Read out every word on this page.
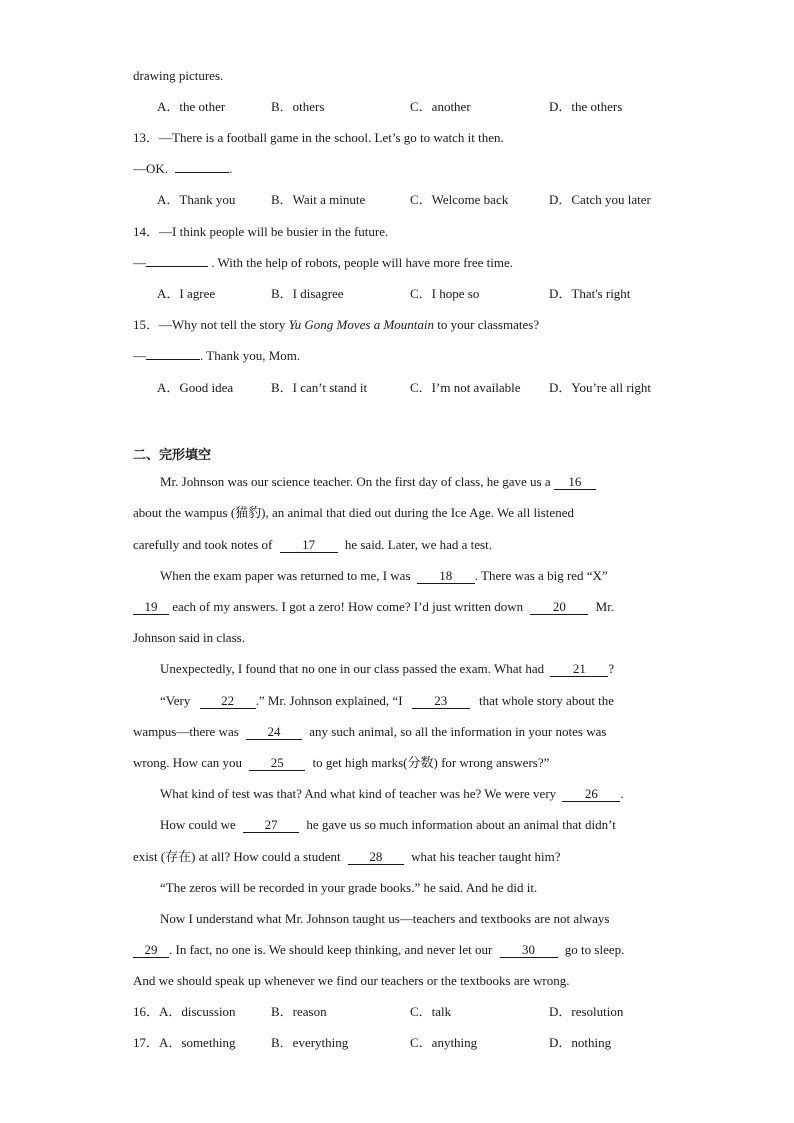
drawing pictures.
A．the other	B．others	C．another	D．the others
13．—There is a football game in the school. Let’s go to watch it then.
—OK.	.
A．Thank you	B．Wait a minute	C．Welcome back	D．Catch you later
14．—I think people will be busier in the future.
—	. With the help of robots, people will have more free time.
A．I agree	B．I disagree	C．I hope so	D．That's right
15．—Why not tell the story Yu Gong Moves a Mountain to your classmates?
—	. Thank you, Mom.
A．Good idea	B．I can’t stand it	C．I’m not available D．You’re all right
二、完形填空
Mr. Johnson was our science teacher. On the first day of class, he gave us a 16
about the wampus (猫豹), an animal that died out during the Ice Age. We all listened
carefully and took notes of 17 he said. Later, we had a test.
When the exam paper was returned to me, I was 18 . There was a big red “X”
19 each of my answers. I got a zero! How come? I’d just written down 20 Mr.
Johnson said in class.
Unexpectedly, I found that no one in our class passed the exam. What had 21 ?
“Very 22 .” Mr. Johnson explained, “I 23 that whole story about the
wampus—there was 24 any such animal, so all the information in your notes was
wrong. How can you 25 to get high marks(分数) for wrong answers?”
What kind of test was that? And what kind of teacher was he? We were very 26 .
How could we 27 he gave us so much information about an animal that didn’t
exist (存在) at all? How could a student 28 what his teacher taught him?
“The zeros will be recorded in your grade books.” he said. And he did it.
Now I understand what Mr. Johnson taught us—teachers and textbooks are not always
29 . In fact, no one is. We should keep thinking, and never let our 30 go to sleep.
And we should speak up whenever we find our teachers or the textbooks are wrong.
16．A．discussion	B．reason	C．talk	D．resolution
17．A．something	B．everything	C．anything	D．nothing
